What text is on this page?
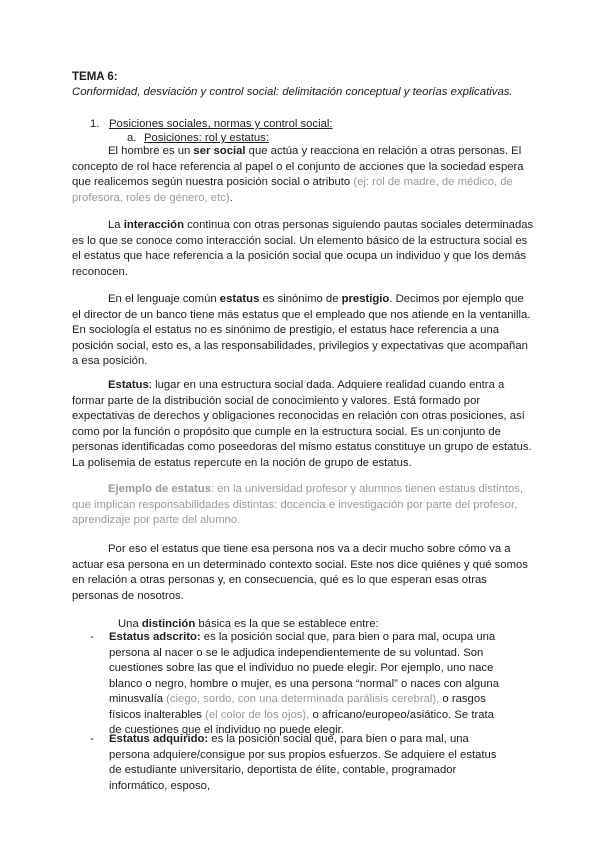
TEMA 6:
Conformidad, desviación y control social: delimitación conceptual y teorías explicativas.
1. Posiciones sociales, normas y control social:
a. Posiciones: rol y estatus:
El hombre es un ser social que actúa y reacciona en relación a otras personas. El concepto de rol hace referencia al papel o el conjunto de acciones que la sociedad espera que realicemos según nuestra posición social o atributo (ej: rol de madre, de médico, de profesora, roles de género, etc).
La interacción continua con otras personas siguiendo pautas sociales determinadas es lo que se conoce como interacción social. Un elemento básico de la estructura social es el estatus que hace referencia a la posición social que ocupa un individuo y que los demás reconocen.
En el lenguaje común estatus es sinónimo de prestigio. Decimos por ejemplo que el director de un banco tiene más estatus que el empleado que nos atiende en la ventanilla. En sociología el estatus no es sinónimo de prestigio, el estatus hace referencia a una posición social, esto es, a las responsabilidades, privilegios y expectativas que acompañan a esa posición.
Estatus: lugar en una estructura social dada. Adquiere realidad cuando entra a formar parte de la distribución social de conocimiento y valores. Está formado por expectativas de derechos y obligaciones reconocidas en relación con otras posiciones, así como por la función o propósito que cumple en la estructura social. Es un conjunto de personas identificadas como poseedoras del mismo estatus constituye un grupo de estatus. La polisemia de estatus repercute en la noción de grupo de estatus.
Ejemplo de estatus: en la universidad profesor y alumnos tienen estatus distintos, que implican responsabilidades distintas: docencia e investigación por parte del profesor, aprendizaje por parte del alumno.
Por eso el estatus que tiene esa persona nos va a decir mucho sobre cómo va a actuar esa persona en un determinado contexto social. Este nos dice quiénes y qué somos en relación a otras personas y, en consecuencia, qué es lo que esperan esas otras personas de nosotros.
Una distinción básica es la que se establece entre:
- Estatus adscrito: es la posición social que, para bien o para mal, ocupa una persona al nacer o se le adjudica independientemente de su voluntad. Son cuestiones sobre las que el individuo no puede elegir. Por ejemplo, uno nace blanco o negro, hombre o mujer, es una persona “normal” o naces con alguna minusvalía (ciego, sordo, con una determinada parálisis cerebral), o rasgos físicos inalterables (el color de los ojos), o africano/europeo/asiático. Se trata de cuestiones que el individuo no puede elegir.
- Estatus adquirido: es la posición social que, para bien o para mal, una persona adquiere/consigue por sus propios esfuerzos. Se adquiere el estatus de estudiante universitario, deportista de élite, contable, programador informático, esposo,
